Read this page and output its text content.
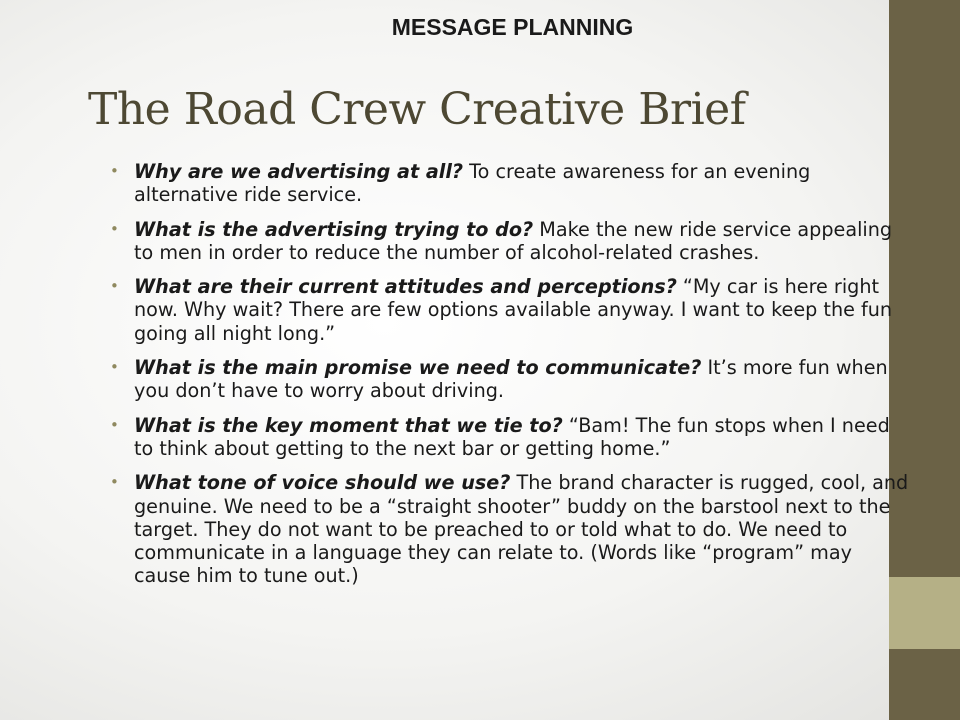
MESSAGE PLANNING
The Road Crew Creative Brief
• Why are we advertising at all? To create awareness for an evening alternative ride service.
• What is the advertising trying to do? Make the new ride service appealing to men in order to reduce the number of alcohol-related crashes.
• What are their current attitudes and perceptions? “My car is here right now. Why wait? There are few options available anyway. I want to keep the fun going all night long.”
• What is the main promise we need to communicate? It’s more fun when you don’t have to worry about driving.
• What is the key moment that we tie to? “Bam! The fun stops when I need to think about getting to the next bar or getting home.”
• What tone of voice should we use? The brand character is rugged, cool, and genuine. We need to be a “straight shooter” buddy on the barstool next to the target. They do not want to be preached to or told what to do. We need to communicate in a language they can relate to. (Words like “program” may cause him to tune out.)
